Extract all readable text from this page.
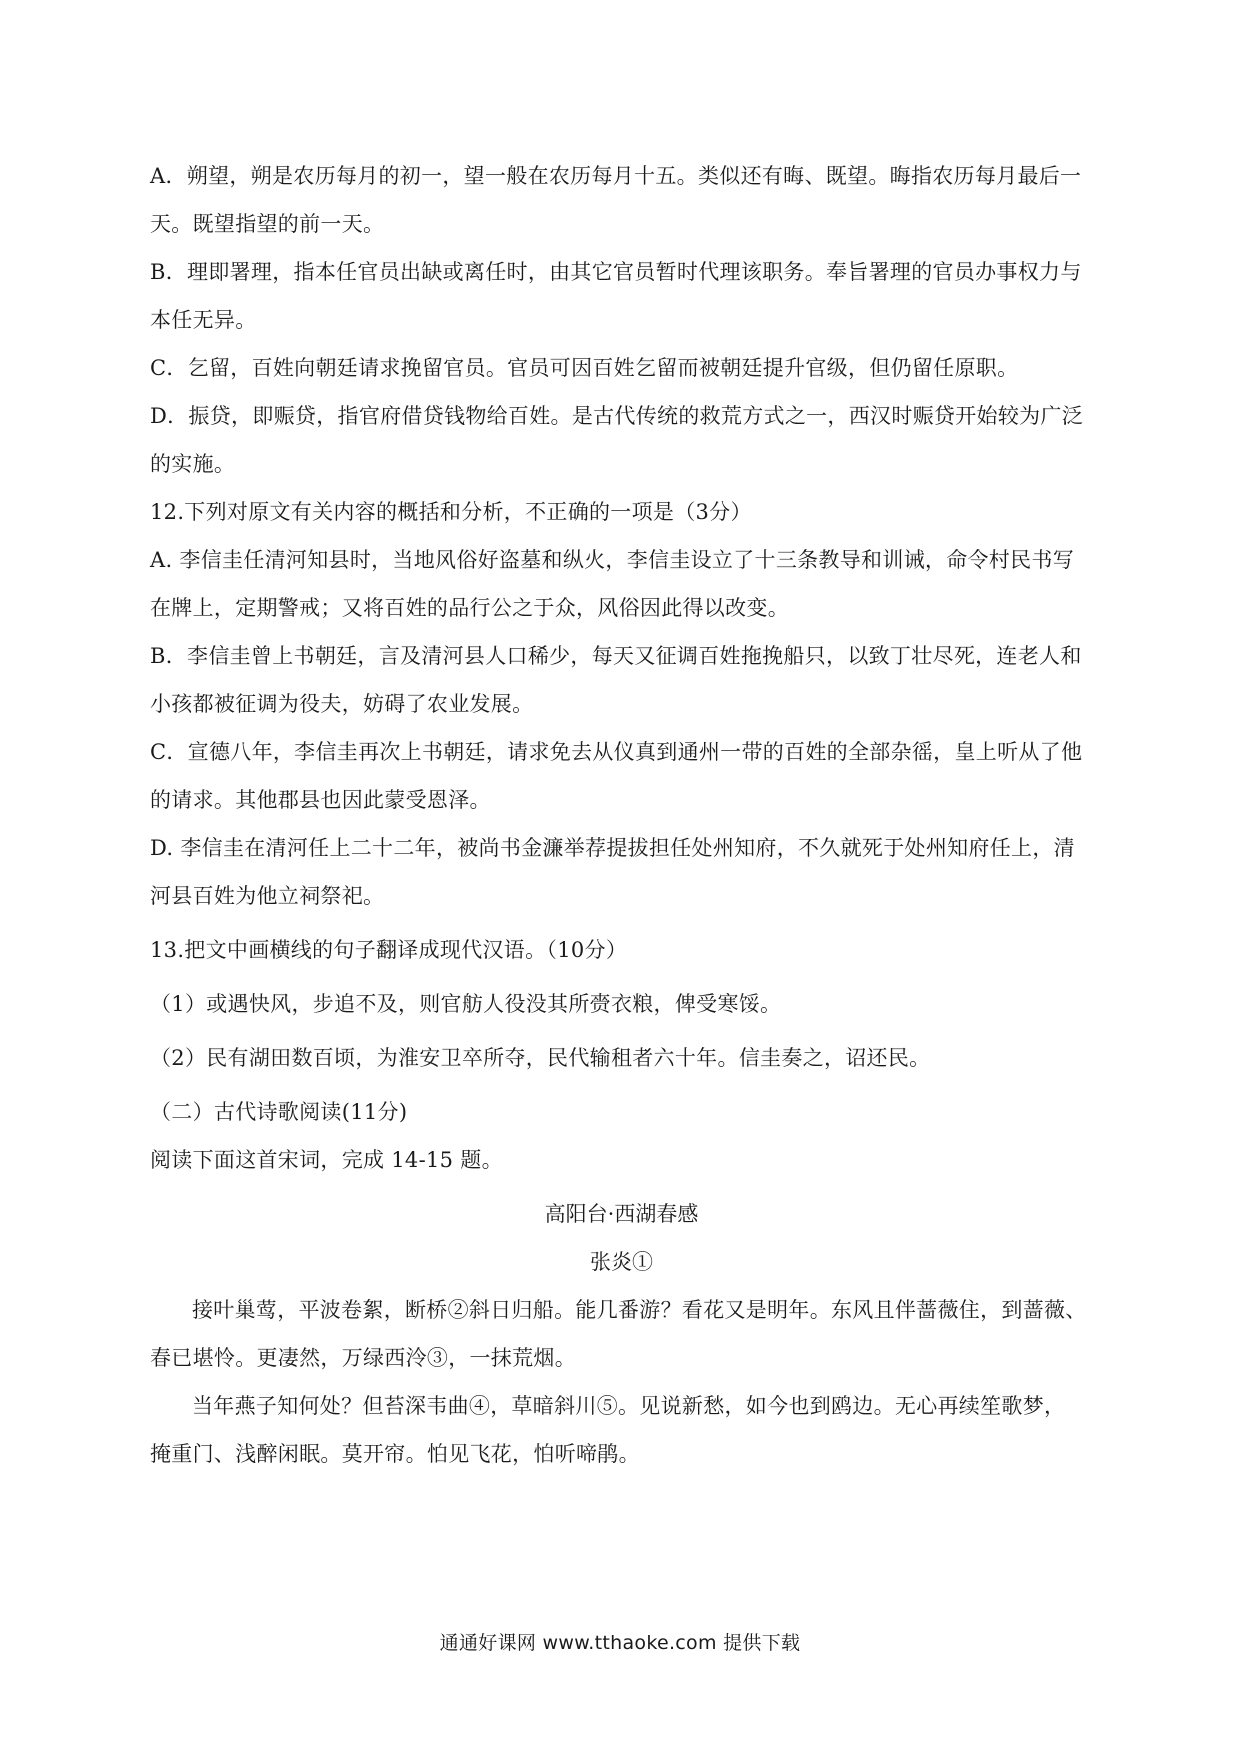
A．朔望，朔是农历每月的初一，望一般在农历每月十五。类似还有晦、既望。晦指农历每月最后一
天。既望指望的前一天。
B．理即署理，指本任官员出缺或离任时，由其它官员暂时代理该职务。奉旨署理的官员办事权力与
本任无异。
C．乞留，百姓向朝廷请求挽留官员。官员可因百姓乞留而被朝廷提升官级，但仍留任原职。
D．振贷，即赈贷，指官府借贷钱物给百姓。是古代传统的救荒方式之一，西汉时赈贷开始较为广泛
的实施。
12.下列对原文有关内容的概括和分析，不正确的一项是（3分）
A. 李信圭任清河知县时，当地风俗好盗墓和纵火，李信圭设立了十三条教导和训诫，命令村民书写
在牌上，定期警戒；又将百姓的品行公之于众，风俗因此得以改变。
B．李信圭曾上书朝廷，言及清河县人口稀少，每天又征调百姓拖挽船只，以致丁壮尽死，连老人和
小孩都被征调为役夫，妨碍了农业发展。
C．宣德八年，李信圭再次上书朝廷，请求免去从仪真到通州一带的百姓的全部杂徭，皇上听从了他
的请求。其他郡县也因此蒙受恩泽。
D. 李信圭在清河任上二十二年，被尚书金濂举荐提拔担任处州知府，不久就死于处州知府任上，清
河县百姓为他立祠祭祀。
13.把文中画横线的句子翻译成现代汉语。（10分）
（1）或遇快风，步追不及，则官舫人役没其所赍衣粮，俾受寒馁。
（2）民有湖田数百顷，为淮安卫卒所夺，民代输租者六十年。信圭奏之，诏还民。
（二）古代诗歌阅读(11分)
阅读下面这首宋词，完成 14-15 题。
高阳台·西湖春感
张炎①
接叶巢莺，平波卷絮，断桥②斜日归船。能几番游？看花又是明年。东风且伴蔷薇住，到蔷薇、
春已堪怜。更凄然，万绿西泠③，一抹荒烟。
当年燕子知何处？但苔深韦曲④，草暗斜川⑤。见说新愁，如今也到鸥边。无心再续笙歌梦，
掩重门、浅醉闲眠。莫开帘。怕见飞花，怕听啼鹃。
通通好课网 www.tthaoke.com 提供下载
